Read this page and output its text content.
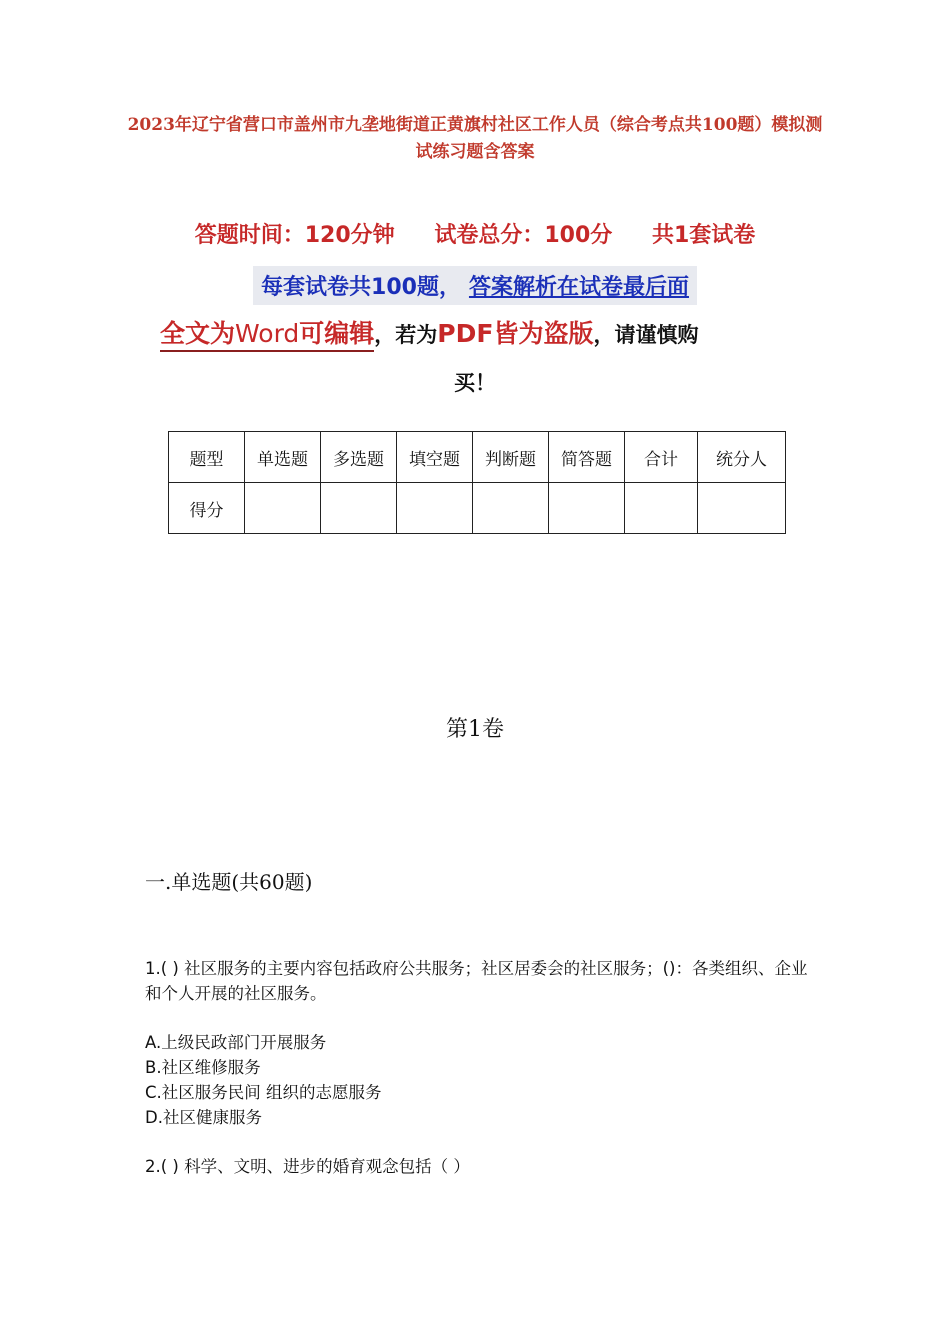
2023年辽宁省营口市盖州市九垄地街道正黄旗村社区工作人员（综合考点共100题）模拟测试练习题含答案
答题时间：120分钟 试卷总分：100分 共1套试卷
每套试卷共100题， 答案解析在试卷最后面
全文为Word可编辑，若为PDF皆为盗版，请谨慎购
买！
题型	单选题	多选题	填空题	判断题	简答题	合计	统分人
得分							
第1卷
一.单选题(共60题)
1.( ) 社区服务的主要内容包括政府公共服务；社区居委会的社区服务；()：各类组织、企业和个人开展的社区服务。
A.上级民政部门开展服务
B.社区维修服务
C.社区服务民间 组织的志愿服务
D.社区健康服务
2.( ) 科学、文明、进步的婚育观念包括（ ）
